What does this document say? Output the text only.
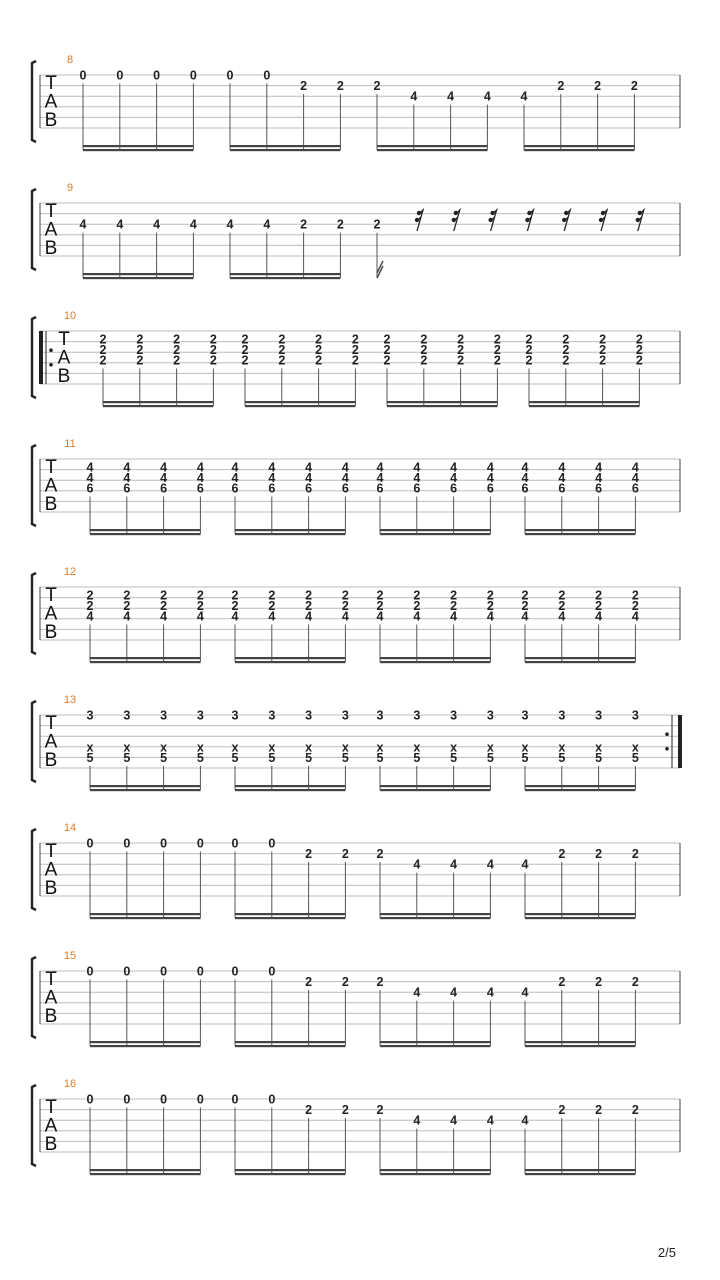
8
T
A
B
0 0 0 0 0 0
2 2 2
4 4 4 4
2 2 2
9
T
A
B
4 4 4 4 4 4 2 2 2
10
T
A
B
2
2
2
2
2
2
2
2
2
2
2
2
2
2
2
2
2
2
2
2
2
2
2
2
2
2
2
2
2
2
2
2
2
2
2
2
2
2
2
2
2
2
2
2
2
2
2
2
11
T
A
B
4
4
6
4
4
6
4
4
6
4
4
6
4
4
6
4
4
6
4
4
6
4
4
6
4
4
6
4
4
6
4
4
6
4
4
6
4
4
6
4
4
6
4
4
6
4
4
6
12
T
A
B
2
2
4
2
2
4
2
2
4
2
2
4
2
2
4
2
2
4
2
2
4
2
2
4
2
2
4
2
2
4
2
2
4
2
2
4
2
2
4
2
2
4
2
2
4
2
2
4
13
T
A
B
3
x
5
3
x
5
3
x
5
3
x
5
3
x
5
3
x
5
3
x
5
3
x
5
3
x
5
3
x
5
3
x
5
3
x
5
3
x
5
3
x
5
3
x
5
3
x
5
14
T
A
B
0 0 0 0 0 0
2 2 2
4 4 4 4
2 2 2
15
T
A
B
0 0 0 0 0 0
2 2 2
4 4 4 4
2 2 2
16
T
A
B
0 0 0 0 0 0
2 2 2
4 4 4 4
2 2 2
2/5
